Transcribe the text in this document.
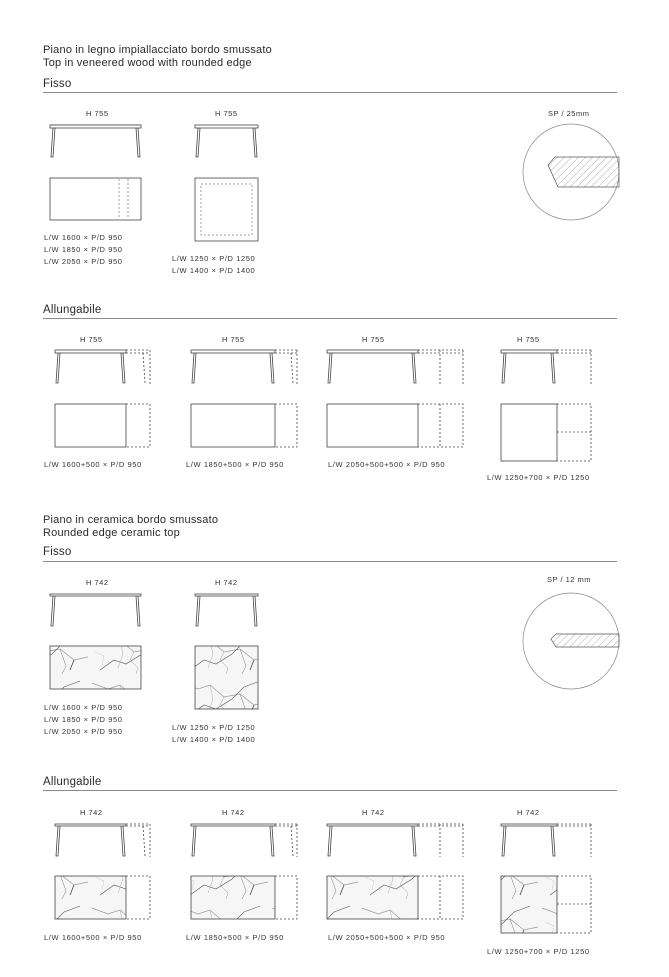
Piano in legno impiallacciato bordo smussato
Top in veneered wood with rounded edge
Fisso
H 755	H 755	SP / 25mm
L/W 1600 × P/D 950
L/W 1850 × P/D 950
L/W 2050 × P/D 950	L/W 1250 × P/D 1250
L/W 1400 × P/D 1400
Allungabile
H 755	H 755	H 755	H 755
L/W 1600+500 × P/D 950	L/W 1850+500 × P/D 950	L/W 2050+500+500 × P/D 950
L/W 1250+700 × P/D 1250
Piano in ceramica bordo smussato
Rounded edge ceramic top
Fisso
H 742	H 742	SP / 12 mm
L/W 1600 × P/D 950
L/W 1850 × P/D 950
L/W 2050 × P/D 950	L/W 1250 × P/D 1250
L/W 1400 × P/D 1400
Allungabile
H 742	H 742	H 742	H 742
L/W 1600+500 × P/D 950	L/W 1850+500 × P/D 950	L/W 2050+500+500 × P/D 950
L/W 1250+700 × P/D 1250
